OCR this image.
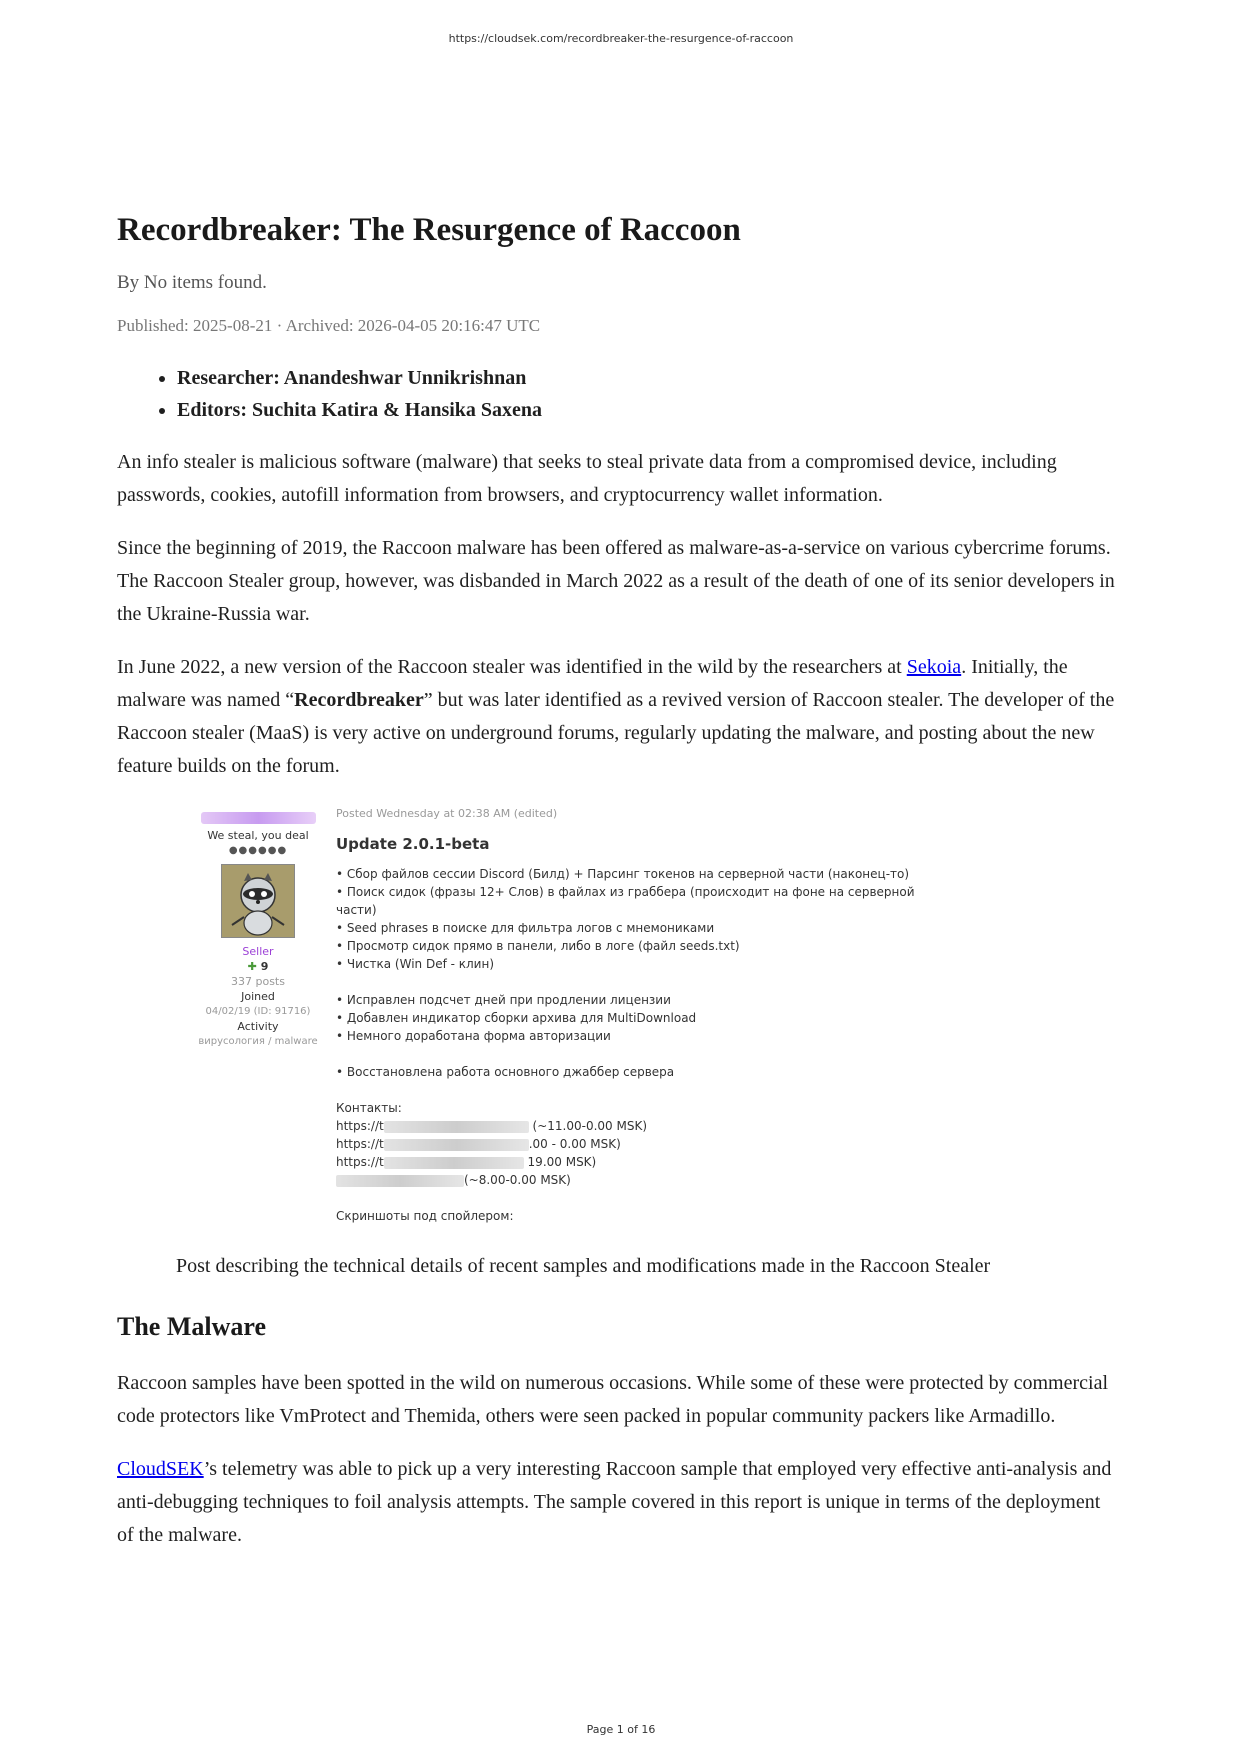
https://cloudsek.com/recordbreaker-the-resurgence-of-raccoon
Recordbreaker: The Resurgence of Raccoon
By No items found.
Published: 2025-08-21 · Archived: 2026-04-05 20:16:47 UTC
• Researcher: Anandeshwar Unnikrishnan
• Editors: Suchita Katira & Hansika Saxena

An info stealer is malicious software (malware) that seeks to steal private data from a compromised device, including passwords, cookies, autofill information from browsers, and cryptocurrency wallet information.

Since the beginning of 2019, the Raccoon malware has been offered as malware-as-a-service on various cybercrime forums. The Raccoon Stealer group, however, was disbanded in March 2022 as a result of the death of one of its senior developers in the Ukraine-Russia war.

In June 2022, a new version of the Raccoon stealer was identified in the wild by the researchers at Sekoia. Initially, the malware was named “Recordbreaker” but was later identified as a revived version of Raccoon stealer. The developer of the Raccoon stealer (MaaS) is very active on underground forums, regularly updating the malware, and posting about the new feature builds on the forum.

We steal, you deal
●●●●●●
Seller
✚ 9
337 posts
Joined
04/02/19 (ID: 91716)
Activity
вирусология / malware
Posted Wednesday at 02:38 AM (edited)
Update 2.0.1-beta
• Сбор файлов сессии Discord (Билд) + Парсинг токенов на серверной части (наконец-то)
• Поиск сидок (фразы 12+ Слов) в файлах из граббера (происходит на фоне на серверной части)
• Seed phrases в поиске для фильтра логов с мнемониками
• Просмотр сидок прямо в панели, либо в логе (файл seeds.txt)
• Чистка (Win Def - клин)
• Исправлен подсчет дней при продлении лицензии
• Добавлен индикатор сборки архива для MultiDownload
• Немного доработана форма авторизации
• Восстановлена работа основного джаббер сервера
Контакты:
https://t	(~11.00-0.00 MSK)
https://t	.00 - 0.00 MSK)
https://t	19.00 MSK)
(~8.00-0.00 MSK)
Скриншоты под спойлером:
Post describing the technical details of recent samples and modifications made in the Raccoon Stealer
The Malware

Raccoon samples have been spotted in the wild on numerous occasions. While some of these were protected by commercial code protectors like VmProtect and Themida, others were seen packed in popular community packers like Armadillo.

CloudSEK’s telemetry was able to pick up a very interesting Raccoon sample that employed very effective anti-analysis and anti-debugging techniques to foil analysis attempts. The sample covered in this report is unique in terms of the deployment of the malware.

Page 1 of 16
